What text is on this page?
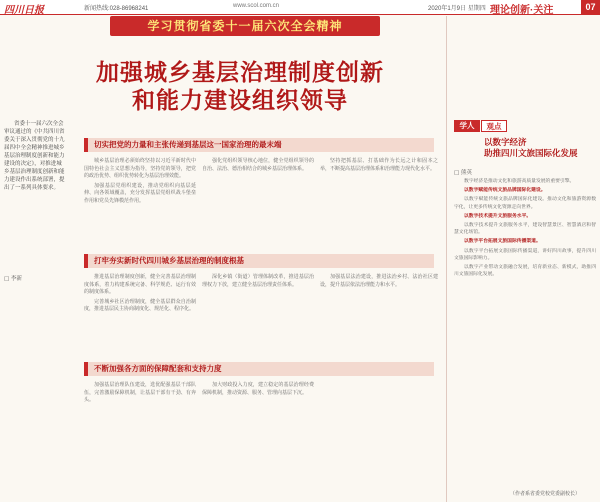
四川日报	新闻热线:028-86968241	www.scol.com.cn	2020年1月9日 星期四 理论创新·关注	07
学习贯彻省委十一届六次全会精神
加强城乡基层治理制度创新
和能力建设组织领导
省委十一届六次全会审议通过的《中共四川省委关于深入贯彻党的十九届四中全会精神推进城乡基层治理制度创新和能力建设的决定》，对推进城乡基层治理制度创新和能力建设作出系统部署，提出了一系列具体要求。
□ 李新
切实把党的力量和主张传递到基层这一国家治理的最末端

城乡基层治理必须始终坚持以习近平新时代中国特色社会主义思想为指导，坚持党的领导，把党的政治优势、组织优势转化为基层治理效能。

加强基层党组织建设，推动党组织向基层延伸、向各领域覆盖，充分发挥基层党组织战斗堡垒作用和党员先锋模范作用。

强化党组织领导核心地位，健全党组织领导的自治、法治、德治相结合的城乡基层治理体系。

坚持把抓基层、打基础作为长远之计和固本之举，不断提高基层治理体系和治理能力现代化水平。

打牢夯实新时代四川城乡基层治理的制度根基

推进基层治理制度创新，健全完善基层治理制度体系，着力构建系统完备、科学规范、运行有效的制度体系。

完善城乡社区治理制度，健全基层群众自治制度，推进基层民主协商制度化、规范化、程序化。

深化乡镇（街道）管理体制改革，推进基层治理权力下放，建立健全基层治理责任体系。

加强基层法治建设，推进法治乡村、法治社区建设，提升基层依法治理能力和水平。

不断加强各方面的保障配套和支持力度

加强基层治理队伍建设，选优配强基层干部队伍，完善激励保障机制，让基层干部有干劲、有奔头。

加大财政投入力度，建立稳定的基层治理经费保障机制，推动资源、服务、管理向基层下沉。

学人	观点
以数字经济
助推四川文旅国际化发展
□ 熊英

数字经济是推动文化和旅游高质量发展的重要引擎。

以数字赋能传统文旅品牌国际化建设。

以数字赋能传统文旅品牌国际化建设。推动文化和旅游资源数字化，让更多传统文化资源走向世界。

以数字技术提升文旅服务水平。

以数字技术提升文旅服务水平，建设智慧景区、智慧酒店和智慧文化场馆。

以数字平台拓展文旅国际传播渠道。

以数字平台拓展文旅国际传播渠道，讲好四川故事，提升四川文旅国际影响力。

以数字产业带动文旅融合发展，培育新业态、新模式，助推四川文旅国际化发展。

（作者系省委党校党委副校长）
